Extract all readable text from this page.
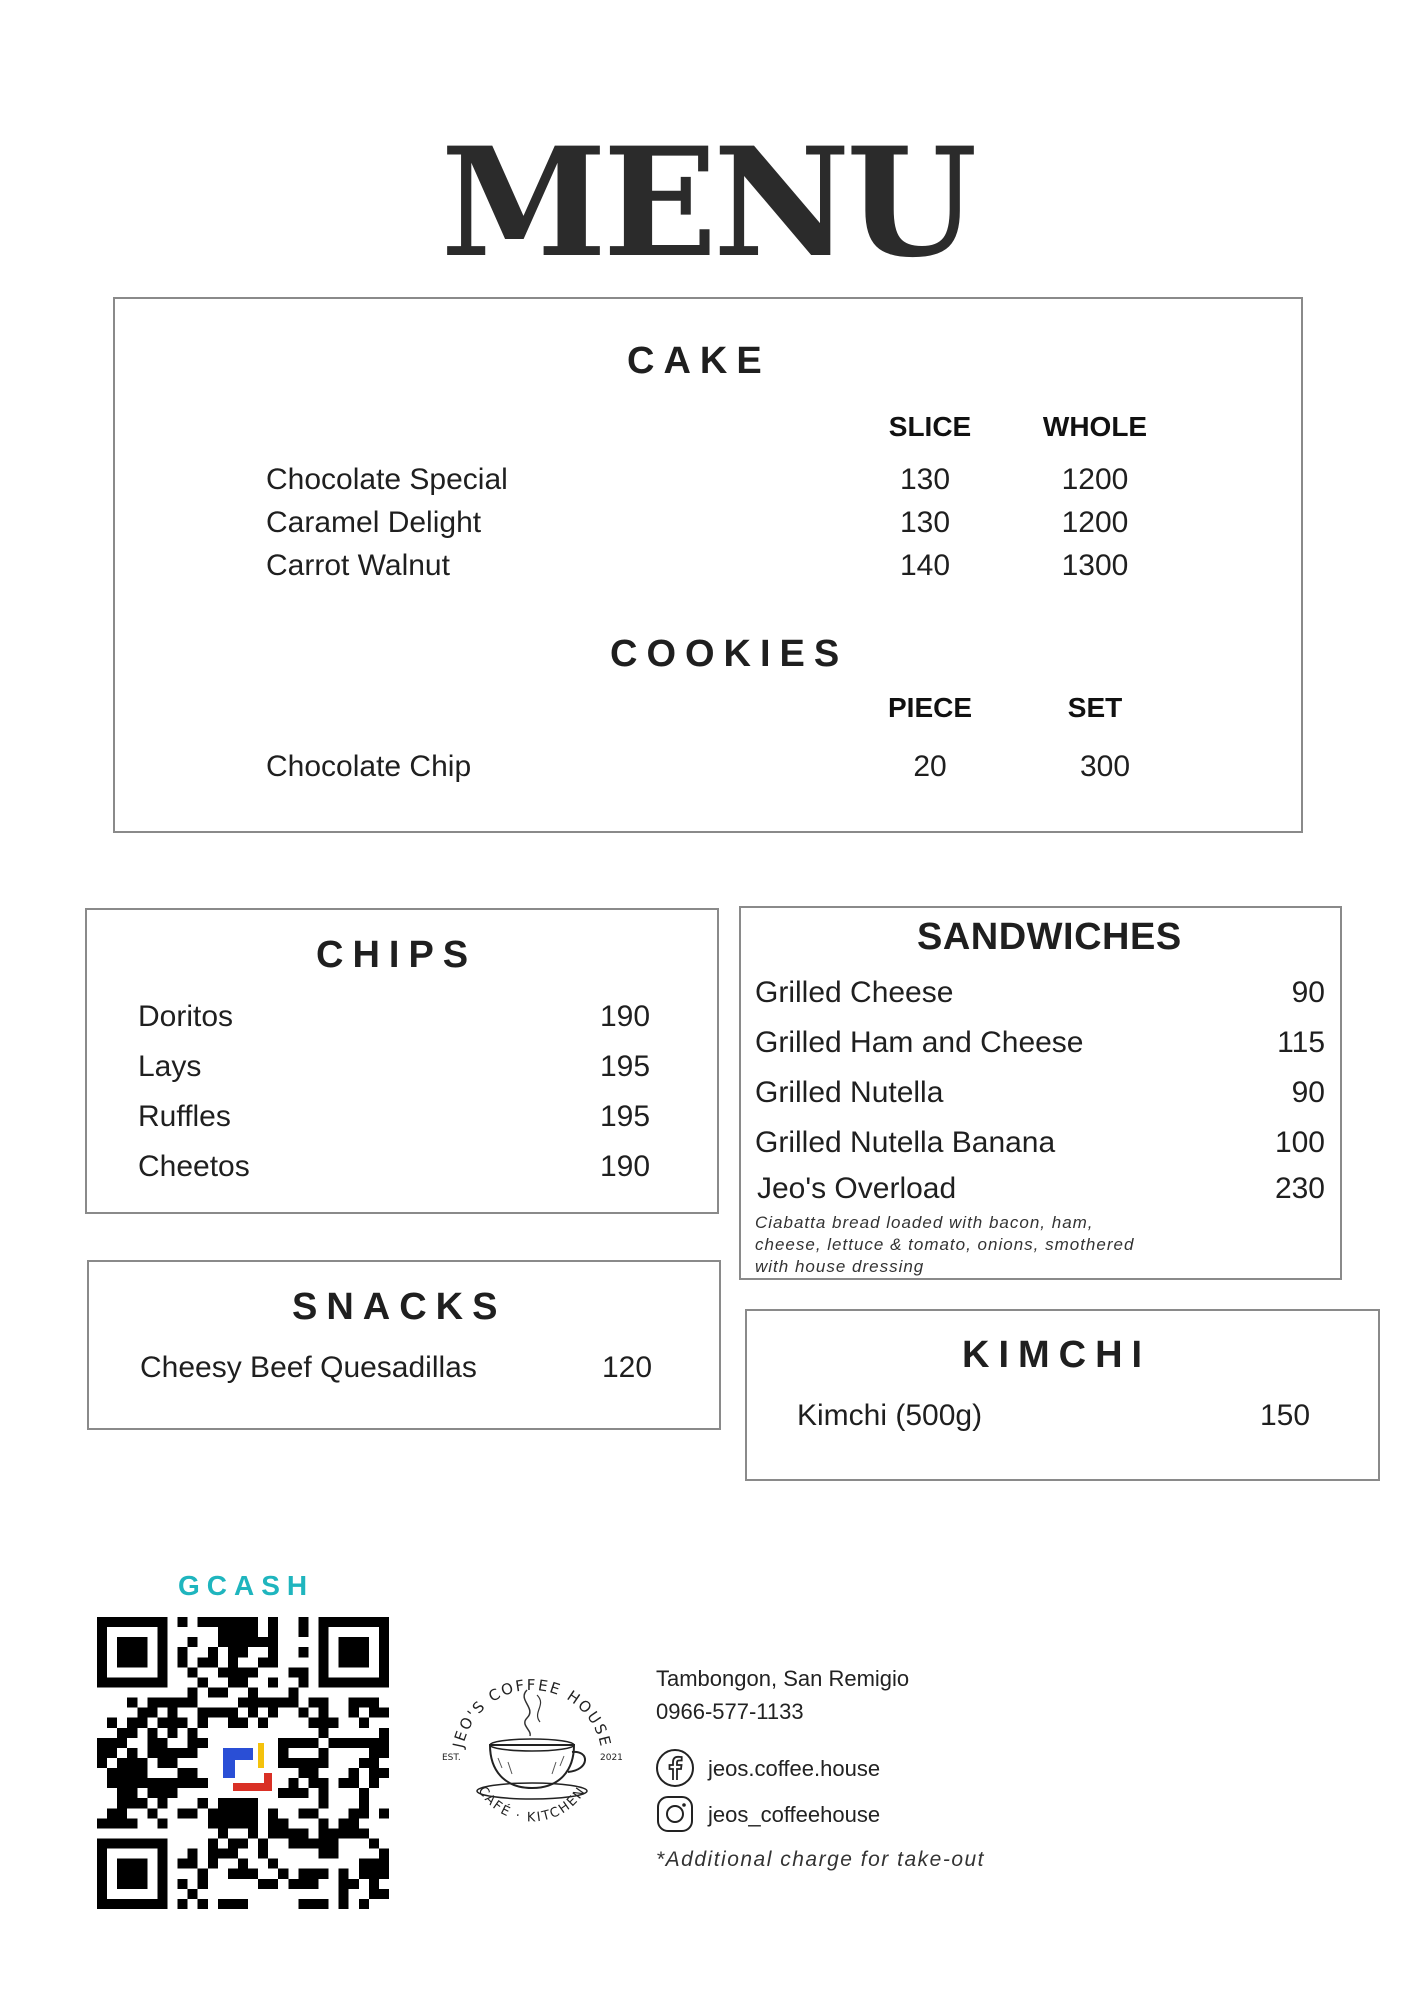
MENU
CAKE
SLICE	WHOLE
Chocolate Special	130	1200
Caramel Delight	130	1200
Carrot Walnut	140	1300
COOKIES
PIECE	SET
Chocolate Chip	20	300
CHIPS
Doritos	190
Lays	195
Ruffles	195
Cheetos	190
SNACKS
Cheesy Beef Quesadillas	120
SANDWICHES
Grilled Cheese	90
Grilled Ham and Cheese	115
Grilled Nutella	90
Grilled Nutella Banana	100
Jeo's Overload	230
Ciabatta bread loaded with bacon, ham,
cheese, lettuce & tomato, onions, smothered
with house dressing
KIMCHI
Kimchi (500g)	150
GCASH
JEO'S COFFEE HOUSE
CAFÉ · KITCHEN
EST.	2021
Tambongon, San Remigio
0966-577-1133
jeos.coffee.house
jeos_coffeehouse
*Additional charge for take-out
